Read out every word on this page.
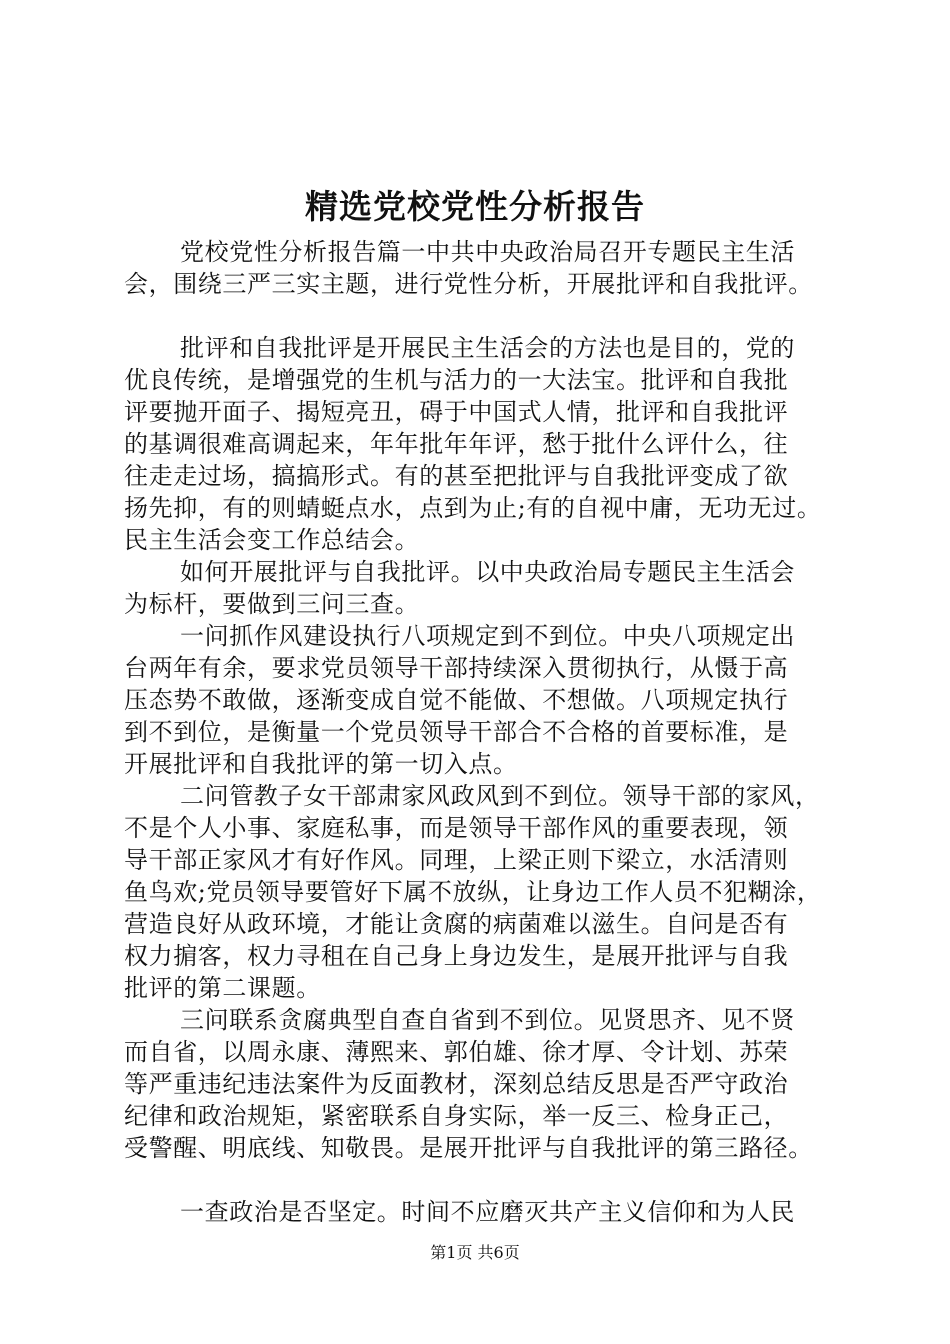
精选党校党性分析报告
党校党性分析报告篇一中共中央政治局召开专题民主生活
会，围绕三严三实主题，进行党性分析，开展批评和自我批评。
批评和自我批评是开展民主生活会的方法也是目的，党的
优良传统，是增强党的生机与活力的一大法宝。批评和自我批
评要抛开面子、揭短亮丑，碍于中国式人情，批评和自我批评
的基调很难高调起来，年年批年年评，愁于批什么评什么，往
往走走过场，搞搞形式。有的甚至把批评与自我批评变成了欲
扬先抑，有的则蜻蜓点水，点到为止;有的自视中庸，无功无过。
民主生活会变工作总结会。
如何开展批评与自我批评。以中央政治局专题民主生活会
为标杆，要做到三问三查。
一问抓作风建设执行八项规定到不到位。中央八项规定出
台两年有余，要求党员领导干部持续深入贯彻执行，从慑于高
压态势不敢做，逐渐变成自觉不能做、不想做。八项规定执行
到不到位，是衡量一个党员领导干部合不合格的首要标准，是
开展批评和自我批评的第一切入点。
二问管教子女干部肃家风政风到不到位。领导干部的家风，
不是个人小事、家庭私事，而是领导干部作风的重要表现，领
导干部正家风才有好作风。同理，上梁正则下梁立，水活清则
鱼鸟欢;党员领导要管好下属不放纵，让身边工作人员不犯糊涂，
营造良好从政环境，才能让贪腐的病菌难以滋生。自问是否有
权力掮客，权力寻租在自己身上身边发生，是展开批评与自我
批评的第二课题。
三问联系贪腐典型自查自省到不到位。见贤思齐、见不贤
而自省，以周永康、薄熙来、郭伯雄、徐才厚、令计划、苏荣
等严重违纪违法案件为反面教材，深刻总结反思是否严守政治
纪律和政治规矩，紧密联系自身实际，举一反三、检身正己，
受警醒、明底线、知敬畏。是展开批评与自我批评的第三路径。
一查政治是否坚定。时间不应磨灭共产主义信仰和为人民
第1页 共6页
